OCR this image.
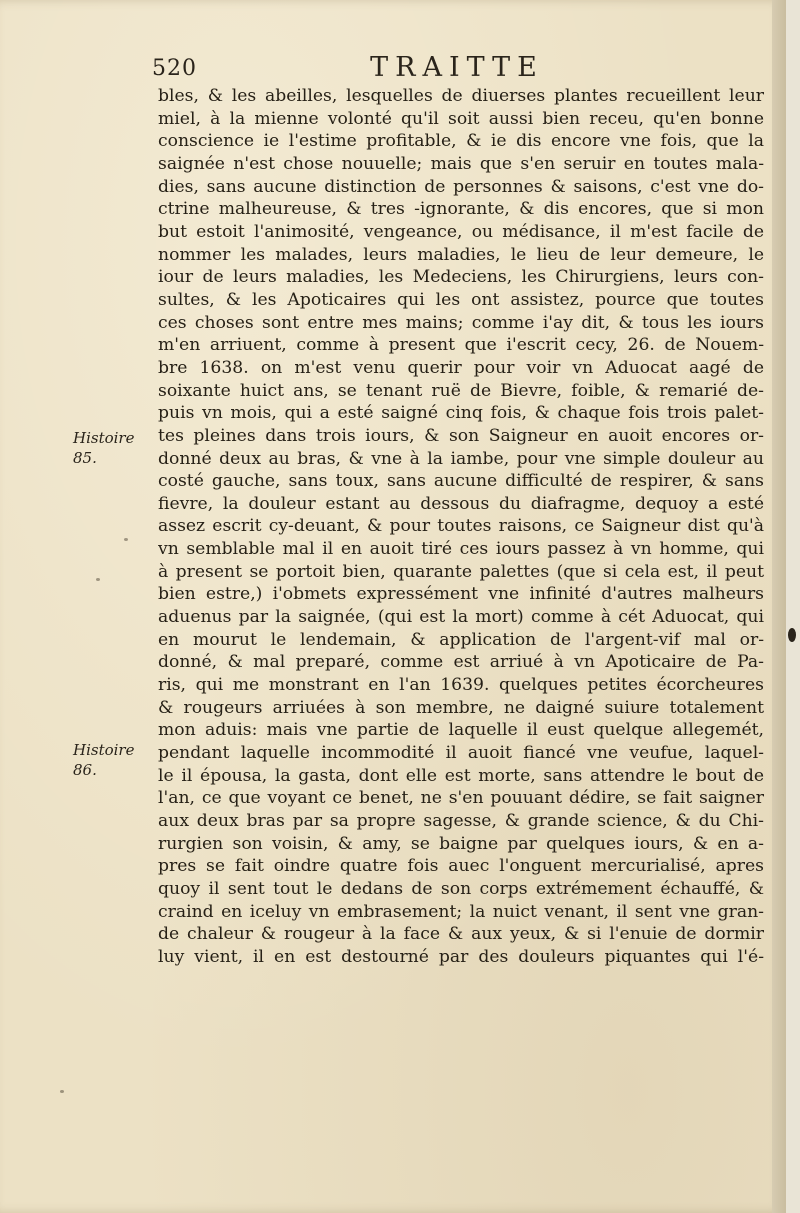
520	TRAITTE
Histoire
85.
Histoire
86.
bles, & les abeilles, lesquelles de diuerses plantes recueillent leur
miel, à la mienne volonté qu'il soit aussi bien receu, qu'en bonne
conscience ie l'estime profitable, & ie dis encore vne fois, que la
saignée n'est chose nouuelle; mais que s'en seruir en toutes mala-
dies, sans aucune distinction de personnes & saisons, c'est vne do-
ctrine malheureuse, & tres -ignorante, & dis encores, que si mon
but estoit l'animosité, vengeance, ou médisance, il m'est facile de
nommer les malades, leurs maladies, le lieu de leur demeure, le
iour de leurs maladies, les Medeciens, les Chirurgiens, leurs con-
sultes, & les Apoticaires qui les ont assistez, pource que toutes
ces choses sont entre mes mains; comme i'ay dit, & tous les iours
m'en arriuent, comme à present que i'escrit cecy, 26. de Nouem-
bre 1638. on m'est venu querir pour voir vn Aduocat aagé de
soixante huict ans, se tenant ruë de Bievre, foible, & remarié de-
puis vn mois, qui a esté saigné cinq fois, & chaque fois trois palet-
tes pleines dans trois iours, & son Saigneur en auoit encores or-
donné deux au bras, & vne à la iambe, pour vne simple douleur au
costé gauche, sans toux, sans aucune difficulté de respirer, & sans
fievre, la douleur estant au dessous du diafragme, dequoy a esté
assez escrit cy-deuant, & pour toutes raisons, ce Saigneur dist qu'à
vn semblable mal il en auoit tiré ces iours passez à vn homme, qui
à present se portoit bien, quarante palettes (que si cela est, il peut
bien estre,) i'obmets expressément vne infinité d'autres malheurs
aduenus par la saignée, (qui est la mort) comme à cét Aduocat, qui
en mourut le lendemain, & application de l'argent-vif mal or-
donné, & mal preparé, comme est arriué à vn Apoticaire de Pa-
ris, qui me monstrant en l'an 1639. quelques petites écorcheures
& rougeurs arriuées à son membre, ne daigné suiure totalement
mon aduis: mais vne partie de laquelle il eust quelque allegemét,
pendant laquelle incommodité il auoit fiancé vne veufue, laquel-
le il épousa, la gasta, dont elle est morte, sans attendre le bout de
l'an, ce que voyant ce benet, ne s'en pouuant dédire, se fait saigner
aux deux bras par sa propre sagesse, & grande science, & du Chi-
rurgien son voisin, & amy, se baigne par quelques iours, & en a-
pres se fait oindre quatre fois auec l'onguent mercurialisé, apres
quoy il sent tout le dedans de son corps extrémement échauffé, &
craind en iceluy vn embrasement; la nuict venant, il sent vne gran-
de chaleur & rougeur à la face & aux yeux, & si l'enuie de dormir
luy vient, il en est destourné par des douleurs piquantes qui l'é-
